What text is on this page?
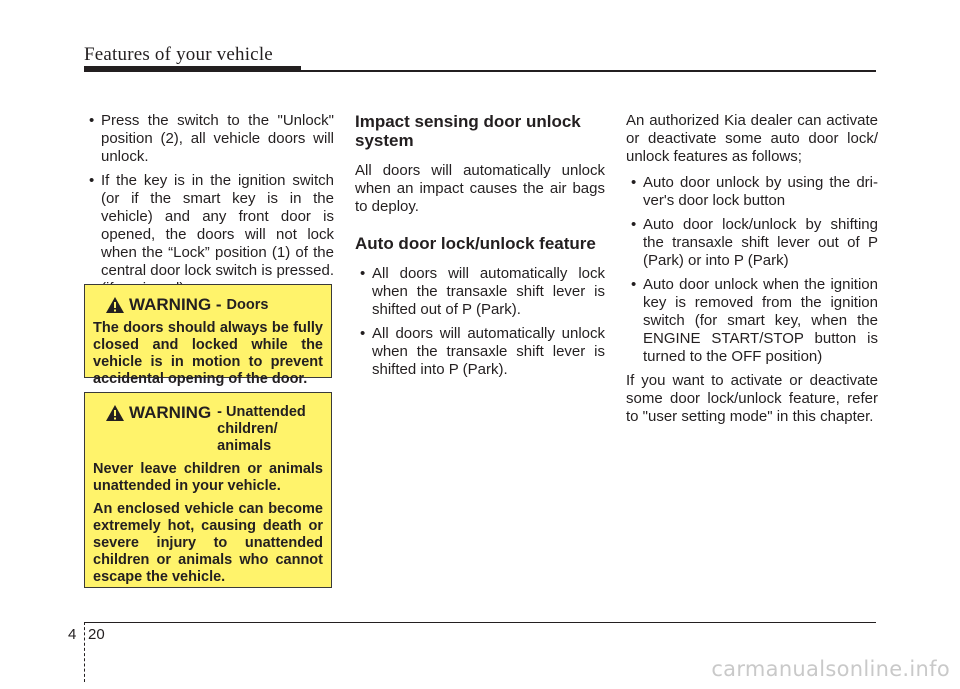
Features of your vehicle
• Press the switch to the "Unlock" position (2), all vehicle doors will unlock.
• If the key is in the ignition switch (or if the smart key is in the vehicle) and any front door is opened, the doors will not lock when the “Lock” position (1) of the central door lock switch is pressed.
WARNING - Doors
The doors should always be fully closed and locked while the vehicle is in motion to prevent accidental opening of the door.
WARNING - Unattended children/ animals
Never leave children or animals unattended in your vehicle.
An enclosed vehicle can become extremely hot, causing death or severe injury to unattended children or animals who cannot escape the vehicle.
Impact sensing door unlock system
All doors will automatically unlock when an impact causes the air bags to deploy.
Auto door lock/unlock feature
• All doors will automatically lock when the transaxle shift lever is shifted out of P (Park).
• All doors will automatically unlock when the transaxle shift lever is shifted into P (Park).
An authorized Kia dealer can activate or deactivate some auto door lock/ unlock features as follows;
• Auto door unlock by using the driver's door lock button
• Auto door lock/unlock by shifting the transaxle shift lever out of P (Park) or into P (Park)
• Auto door unlock when the ignition key is removed from the ignition switch (for smart key, when the ENGINE START/STOP button is turned to the OFF position)
If you want to activate or deactivate some door lock/unlock feature, refer to "user setting mode" in this chapter.
4 20
carmanualsonline.info
